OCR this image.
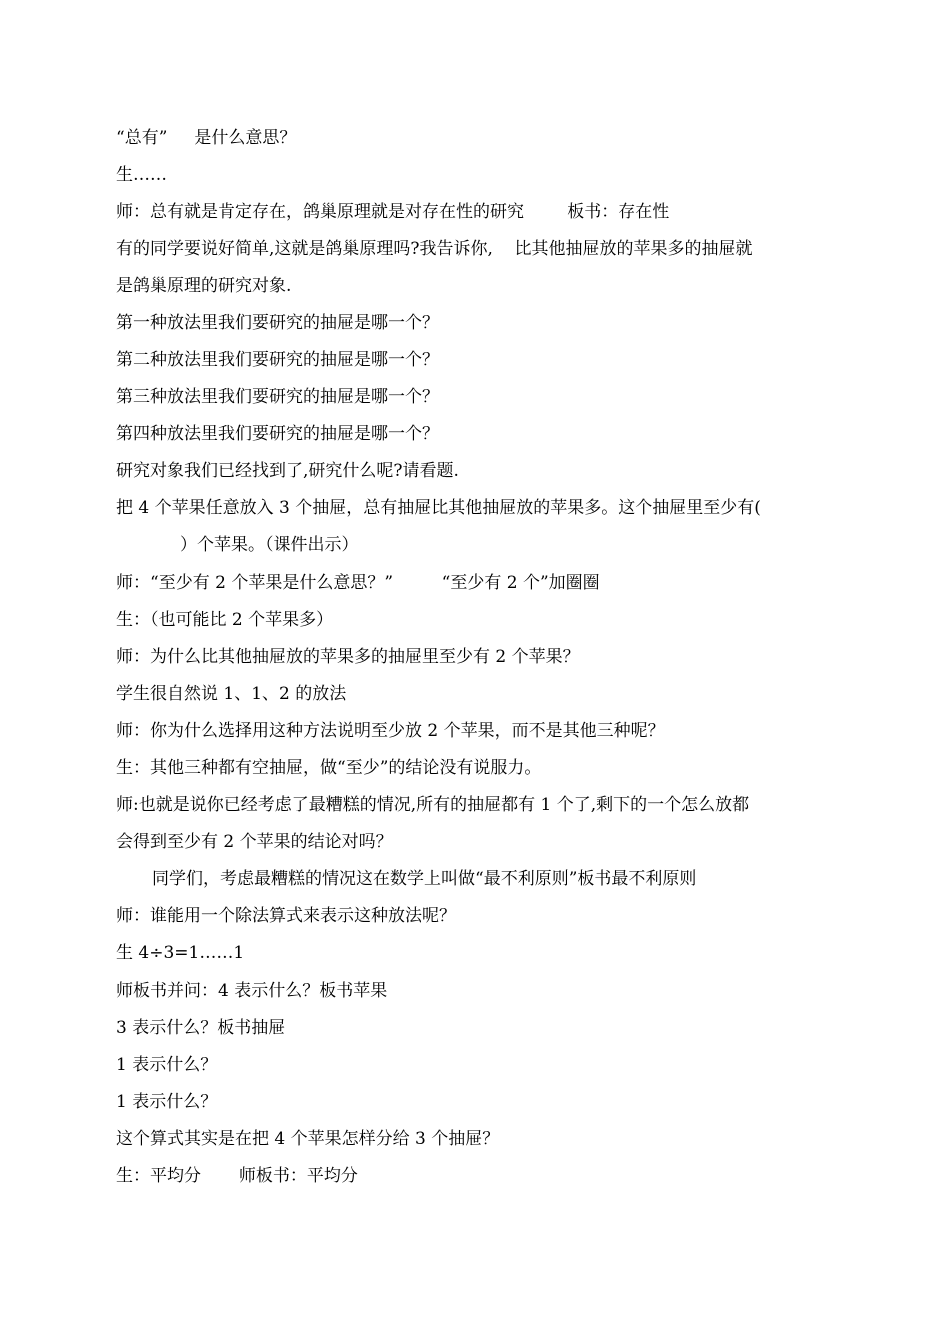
“总有”     是什么意思？
生……
师：总有就是肯定存在，鸽巢原理就是对存在性的研究        板书：存在性
有的同学要说好简单,这就是鸽巢原理吗?我告诉你,    比其他抽屉放的苹果多的抽屉就
是鸽巢原理的研究对象.
第一种放法里我们要研究的抽屉是哪一个？
第二种放法里我们要研究的抽屉是哪一个？
第三种放法里我们要研究的抽屉是哪一个？
第四种放法里我们要研究的抽屉是哪一个？
研究对象我们已经找到了,研究什么呢?请看题.
把 4 个苹果任意放入 3 个抽屉，总有抽屉比其他抽屉放的苹果多。这个抽屉里至少有(
）个苹果。（课件出示）
师：“至少有 2 个苹果是什么意思？”         “至少有 2 个”加圈圈
生：（也可能比 2 个苹果多）
师：为什么比其他抽屉放的苹果多的抽屉里至少有 2 个苹果？
学生很自然说 1、1、2 的放法
师：你为什么选择用这种方法说明至少放 2 个苹果，而不是其他三种呢？
生：其他三种都有空抽屉，做“至少”的结论没有说服力。
师:也就是说你已经考虑了最糟糕的情况,所有的抽屉都有 1 个了,剩下的一个怎么放都
会得到至少有 2 个苹果的结论对吗？
同学们，考虑最糟糕的情况这在数学上叫做“最不利原则”板书最不利原则
师：谁能用一个除法算式来表示这种放法呢？
生 4÷3=1……1
师板书并问：4 表示什么？板书苹果
3 表示什么？板书抽屉
1 表示什么？
1 表示什么？
这个算式其实是在把 4 个苹果怎样分给 3 个抽屉？
生：平均分       师板书：平均分
